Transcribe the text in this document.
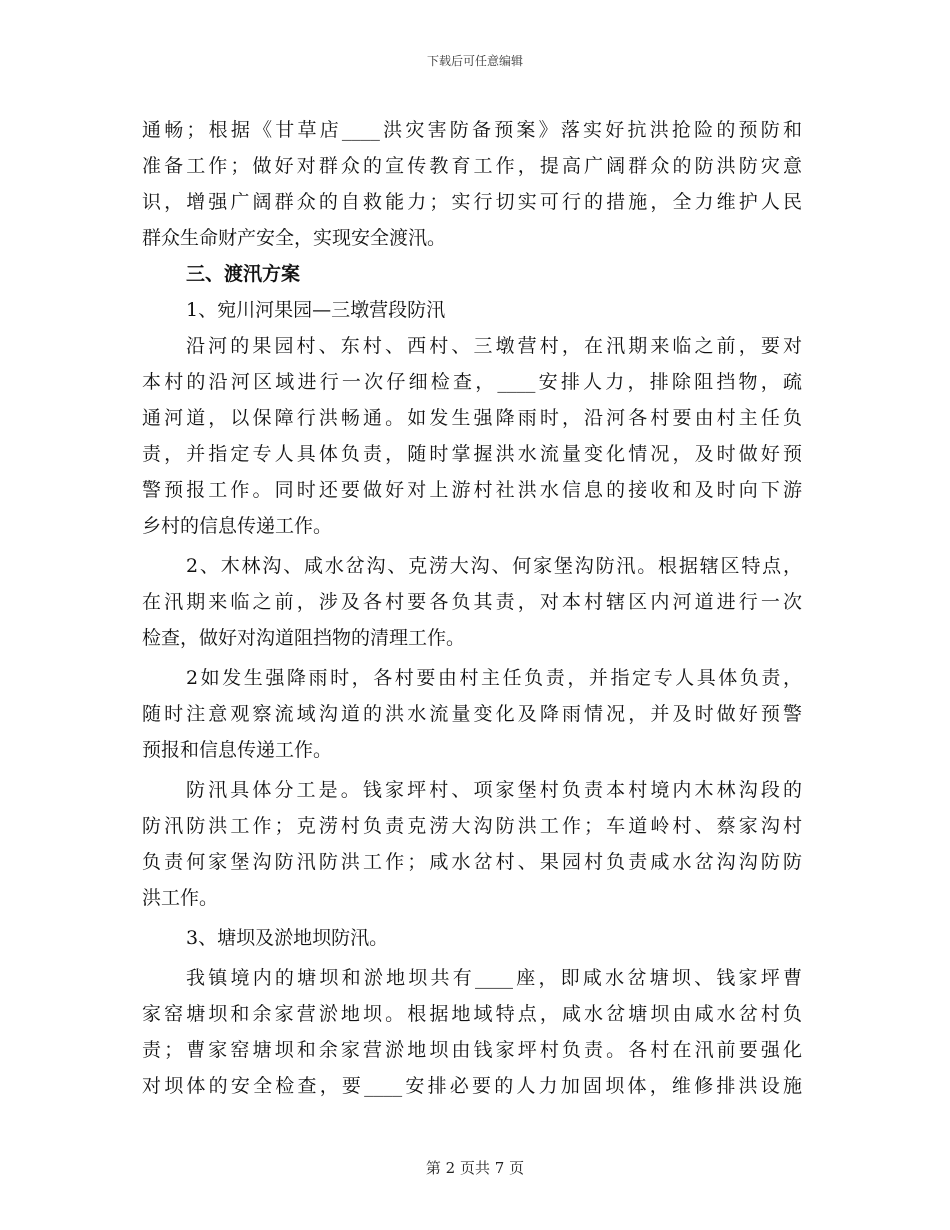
下载后可任意编辑
通畅；根据《甘草店____洪灾害防备预案》落实好抗洪抢险的预防和
准备工作；做好对群众的宣传教育工作，提高广阔群众的防洪防灾意
识，增强广阔群众的自救能力；实行切实可行的措施，全力维护人民
群众生命财产安全，实现安全渡汛。
三、渡汛方案
1、宛川河果园—三墩营段防汛
沿河的果园村、东村、西村、三墩营村，在汛期来临之前，要对
本村的沿河区域进行一次仔细检查，____安排人力，排除阻挡物，疏
通河道，以保障行洪畅通。如发生强降雨时，沿河各村要由村主任负
责，并指定专人具体负责，随时掌握洪水流量变化情况，及时做好预
警预报工作。同时还要做好对上游村社洪水信息的接收和及时向下游
乡村的信息传递工作。
2、木林沟、咸水岔沟、克涝大沟、何家堡沟防汛。根据辖区特点，
在汛期来临之前，涉及各村要各负其责，对本村辖区内河道进行一次
检查，做好对沟道阻挡物的清理工作。
2如发生强降雨时，各村要由村主任负责，并指定专人具体负责，
随时注意观察流域沟道的洪水流量变化及降雨情况，并及时做好预警
预报和信息传递工作。
防汛具体分工是。钱家坪村、项家堡村负责本村境内木林沟段的
防汛防洪工作；克涝村负责克涝大沟防洪工作；车道岭村、蔡家沟村
负责何家堡沟防汛防洪工作；咸水岔村、果园村负责咸水岔沟沟防防
洪工作。
3、塘坝及淤地坝防汛。
我镇境内的塘坝和淤地坝共有____座，即咸水岔塘坝、钱家坪曹
家窑塘坝和余家营淤地坝。根据地域特点，咸水岔塘坝由咸水岔村负
责；曹家窑塘坝和余家营淤地坝由钱家坪村负责。各村在汛前要强化
对坝体的安全检查，要____安排必要的人力加固坝体，维修排洪设施
第 2 页共 7 页
